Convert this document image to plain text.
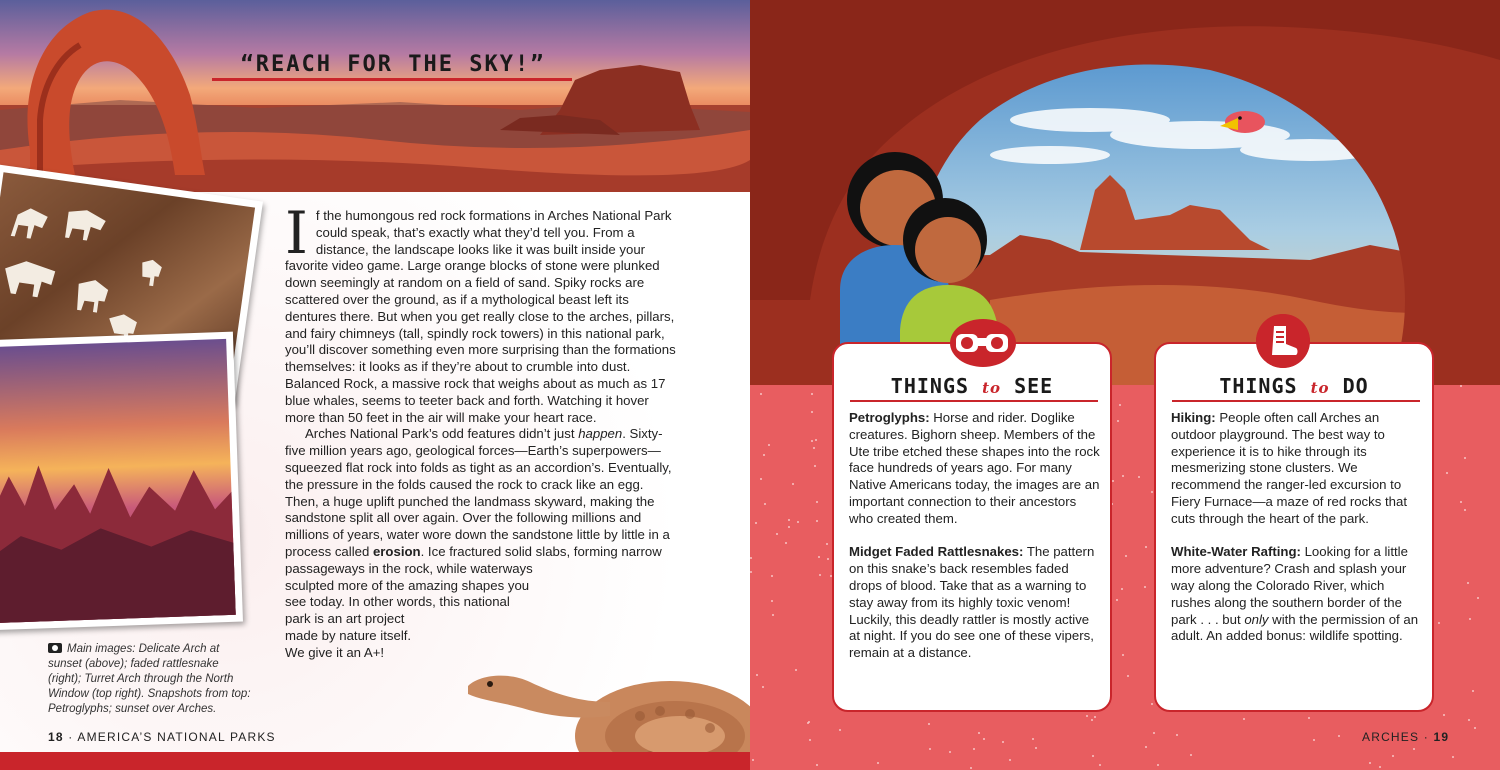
“REACH FOR THE SKY!”

If the humongous red rock formations in Arches National Park could speak, that’s exactly what they’d tell you. From a distance, the landscape looks like it was built inside your favorite video game. Large orange blocks of stone were plunked down seemingly at random on a field of sand. Spiky rocks are scattered over the ground, as if a mythological beast left its dentures there. But when you get really close to the arches, pillars, and fairy chimneys (tall, spindly rock towers) in this national park, you’ll discover something even more surprising than the formations themselves: it looks as if they’re about to crumble into dust. Balanced Rock, a massive rock that weighs about as much as 17 blue whales, seems to teeter back and forth. Watching it hover more than 50 feet in the air will make your heart race.

Arches National Park’s odd features didn’t just happen. Sixty-five million years ago, geological forces—Earth’s superpowers—squeezed flat rock into folds as tight as an accordion’s. Eventually, the pressure in the folds caused the rock to crack like an egg. Then, a huge uplift punched the landmass skyward, making the sandstone split all over again. Over the following millions and millions of years, water wore down the sandstone little by little in a process called erosion. Ice fractured solid slabs, forming narrow

passageways in the rock, while waterways

sculpted more of the amazing shapes you

see today. In other words, this national

park is an art project

made by nature itself.

We give it an A+!

Main images: Delicate Arch at sunset (above); faded rattlesnake (right); Turret Arch through the North Window (top right). Snapshots from top: Petroglyphs; sunset over Arches.
18 · AMERICA’S NATIONAL PARKS
THINGS to SEE

Petroglyphs: Horse and rider. Doglike creatures. Bighorn sheep. Members of the Ute tribe etched these shapes into the rock face hundreds of years ago. For many Native Americans today, the images are an important connection to their ancestors who created them.

Midget Faded Rattlesnakes: The pattern on this snake’s back resembles faded drops of blood. Take that as a warning to stay away from its highly toxic venom! Luckily, this deadly rattler is mostly active at night. If you do see one of these vipers, remain at a distance.

THINGS to DO

Hiking: People often call Arches an outdoor playground. The best way to experience it is to hike through its mesmerizing stone clusters. We recommend the ranger-led excursion to Fiery Furnace—a maze of red rocks that cuts through the heart of the park.

White-Water Rafting: Looking for a little more adventure? Crash and splash your way along the Colorado River, which rushes along the southern border of the park . . . but only with the permission of an adult. An added bonus: wildlife spotting.

ARCHES · 19
